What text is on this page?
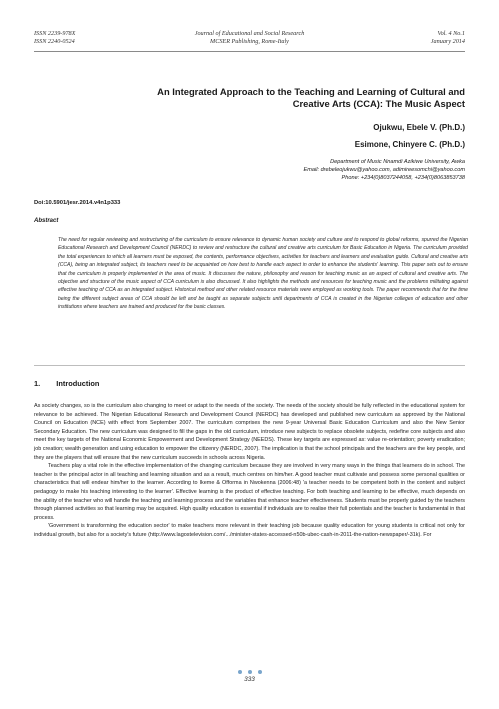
ISSN 2239-978X
ISSN 2240-0524
Journal of Educational and Social Research
MCSER Publishing, Rome-Italy
Vol. 4 No.1
January 2014
An Integrated Approach to the Teaching and Learning of Cultural and Creative Arts (CCA): The Music Aspect
Ojukwu, Ebele V. (Ph.D.)
Esimone, Chinyere C. (Ph.D.)
Department of Music Nnamdi Azikiwe University, Awka
Email: drebeleojukwu@yahoo.com, adimireesomchi@yahoo.com
Phone: +234(0)8037244058, +234(0)8063853738
Doi:10.5901/jesr.2014.v4n1p333
Abstract
The need for regular reviewing and restructuring of the curriculum to ensure relevance to dynamic human society and culture and to respond to global reforms, spurred the Nigerian Educational Research and Development Council (NERDC) to review and restructure the cultural and creative arts curriculum for Basic Education in Nigeria. The curriculum provided the total experiences to which all learners must be exposed, the contents, performance objectives, activities for teachers and learners and evaluation guide. Cultural and creative arts (CCA), being an integrated subject, its teachers need to be acquainted on how best to handle each aspect in order to enhance the students' learning. This paper sets out to ensure that the curriculum is properly implemented in the area of music. It discusses the nature, philosophy and reason for teaching music as an aspect of cultural and creative arts. The objective and structure of the music aspect of CCA curriculum is also discussed. It also highlights the methods and resources for teaching music and the problems militating against effective teaching of CCA as an integrated subject. Historical method and other related resource materials were employed as working tools. The paper recommends that for the time being the different subject areas of CCA should be left and be taught as separate subjects until departments of CCA is created in the Nigerian colleges of education and other institutions where teachers are trained and produced for the basic classes.
1. Introduction

As society changes, so is the curriculum also changing to meet or adapt to the needs of the society. The needs of the society should be fully reflected in the educational system for relevance to be achieved. The Nigerian Educational Research and Development Council (NERDC) has developed and published new curriculum as approved by the National Council on Education (NCE) with effect from September 2007. The curriculum comprises the new 9-year Universal Basic Education Curriculum and also the New Senior Secondary Education. The new curriculum was designed to fill the gaps in the old curriculum, introduce new subjects to replace obsolete subjects, redefine core subjects and also meet the key targets of the National Economic Empowerment and Development Strategy (NEEDS). These key targets are expressed as: value re-orientation; poverty eradication; job creation; wealth generation and using education to empower the citizenry (NERDC, 2007). The implication is that the school principals and the teachers are the key people, and they are the players that will ensure that the new curriculum succeeds in schools across Nigeria.

Teachers play a vital role in the effective implementation of the changing curriculum because they are involved in very many ways in the things that learners do in school. The teacher is the principal actor in all teaching and learning situation and as a result, much centres on him/her. A good teacher must cultivate and possess some personal qualities or characteristics that will endear him/her to the learner. According to Ikeme & Offorma in Nwokenna (2006:48) 'a teacher needs to be competent both in the content and subject pedagogy to make his teaching interesting to the learner'. Effective learning is the product of effective teaching. For both teaching and learning to be effective, much depends on the ability of the teacher who will handle the teaching and learning process and the variables that enhance teacher effectiveness. Students must be properly guided by the teachers through planned activities so that learning may be acquired. High quality education is essential if individuals are to realise their full potentials and the teacher is fundamental in that process.

'Government is transforming the education sector' to make teachers more relevant in their teaching job because quality education for young students is critical not only for individual growth, but also for a society's future (http://www.lagostelevision.com/.../minister-states-accessed-n50b-ubec-cash-in-2011-the-nation-newspaper/-31k). For

333
